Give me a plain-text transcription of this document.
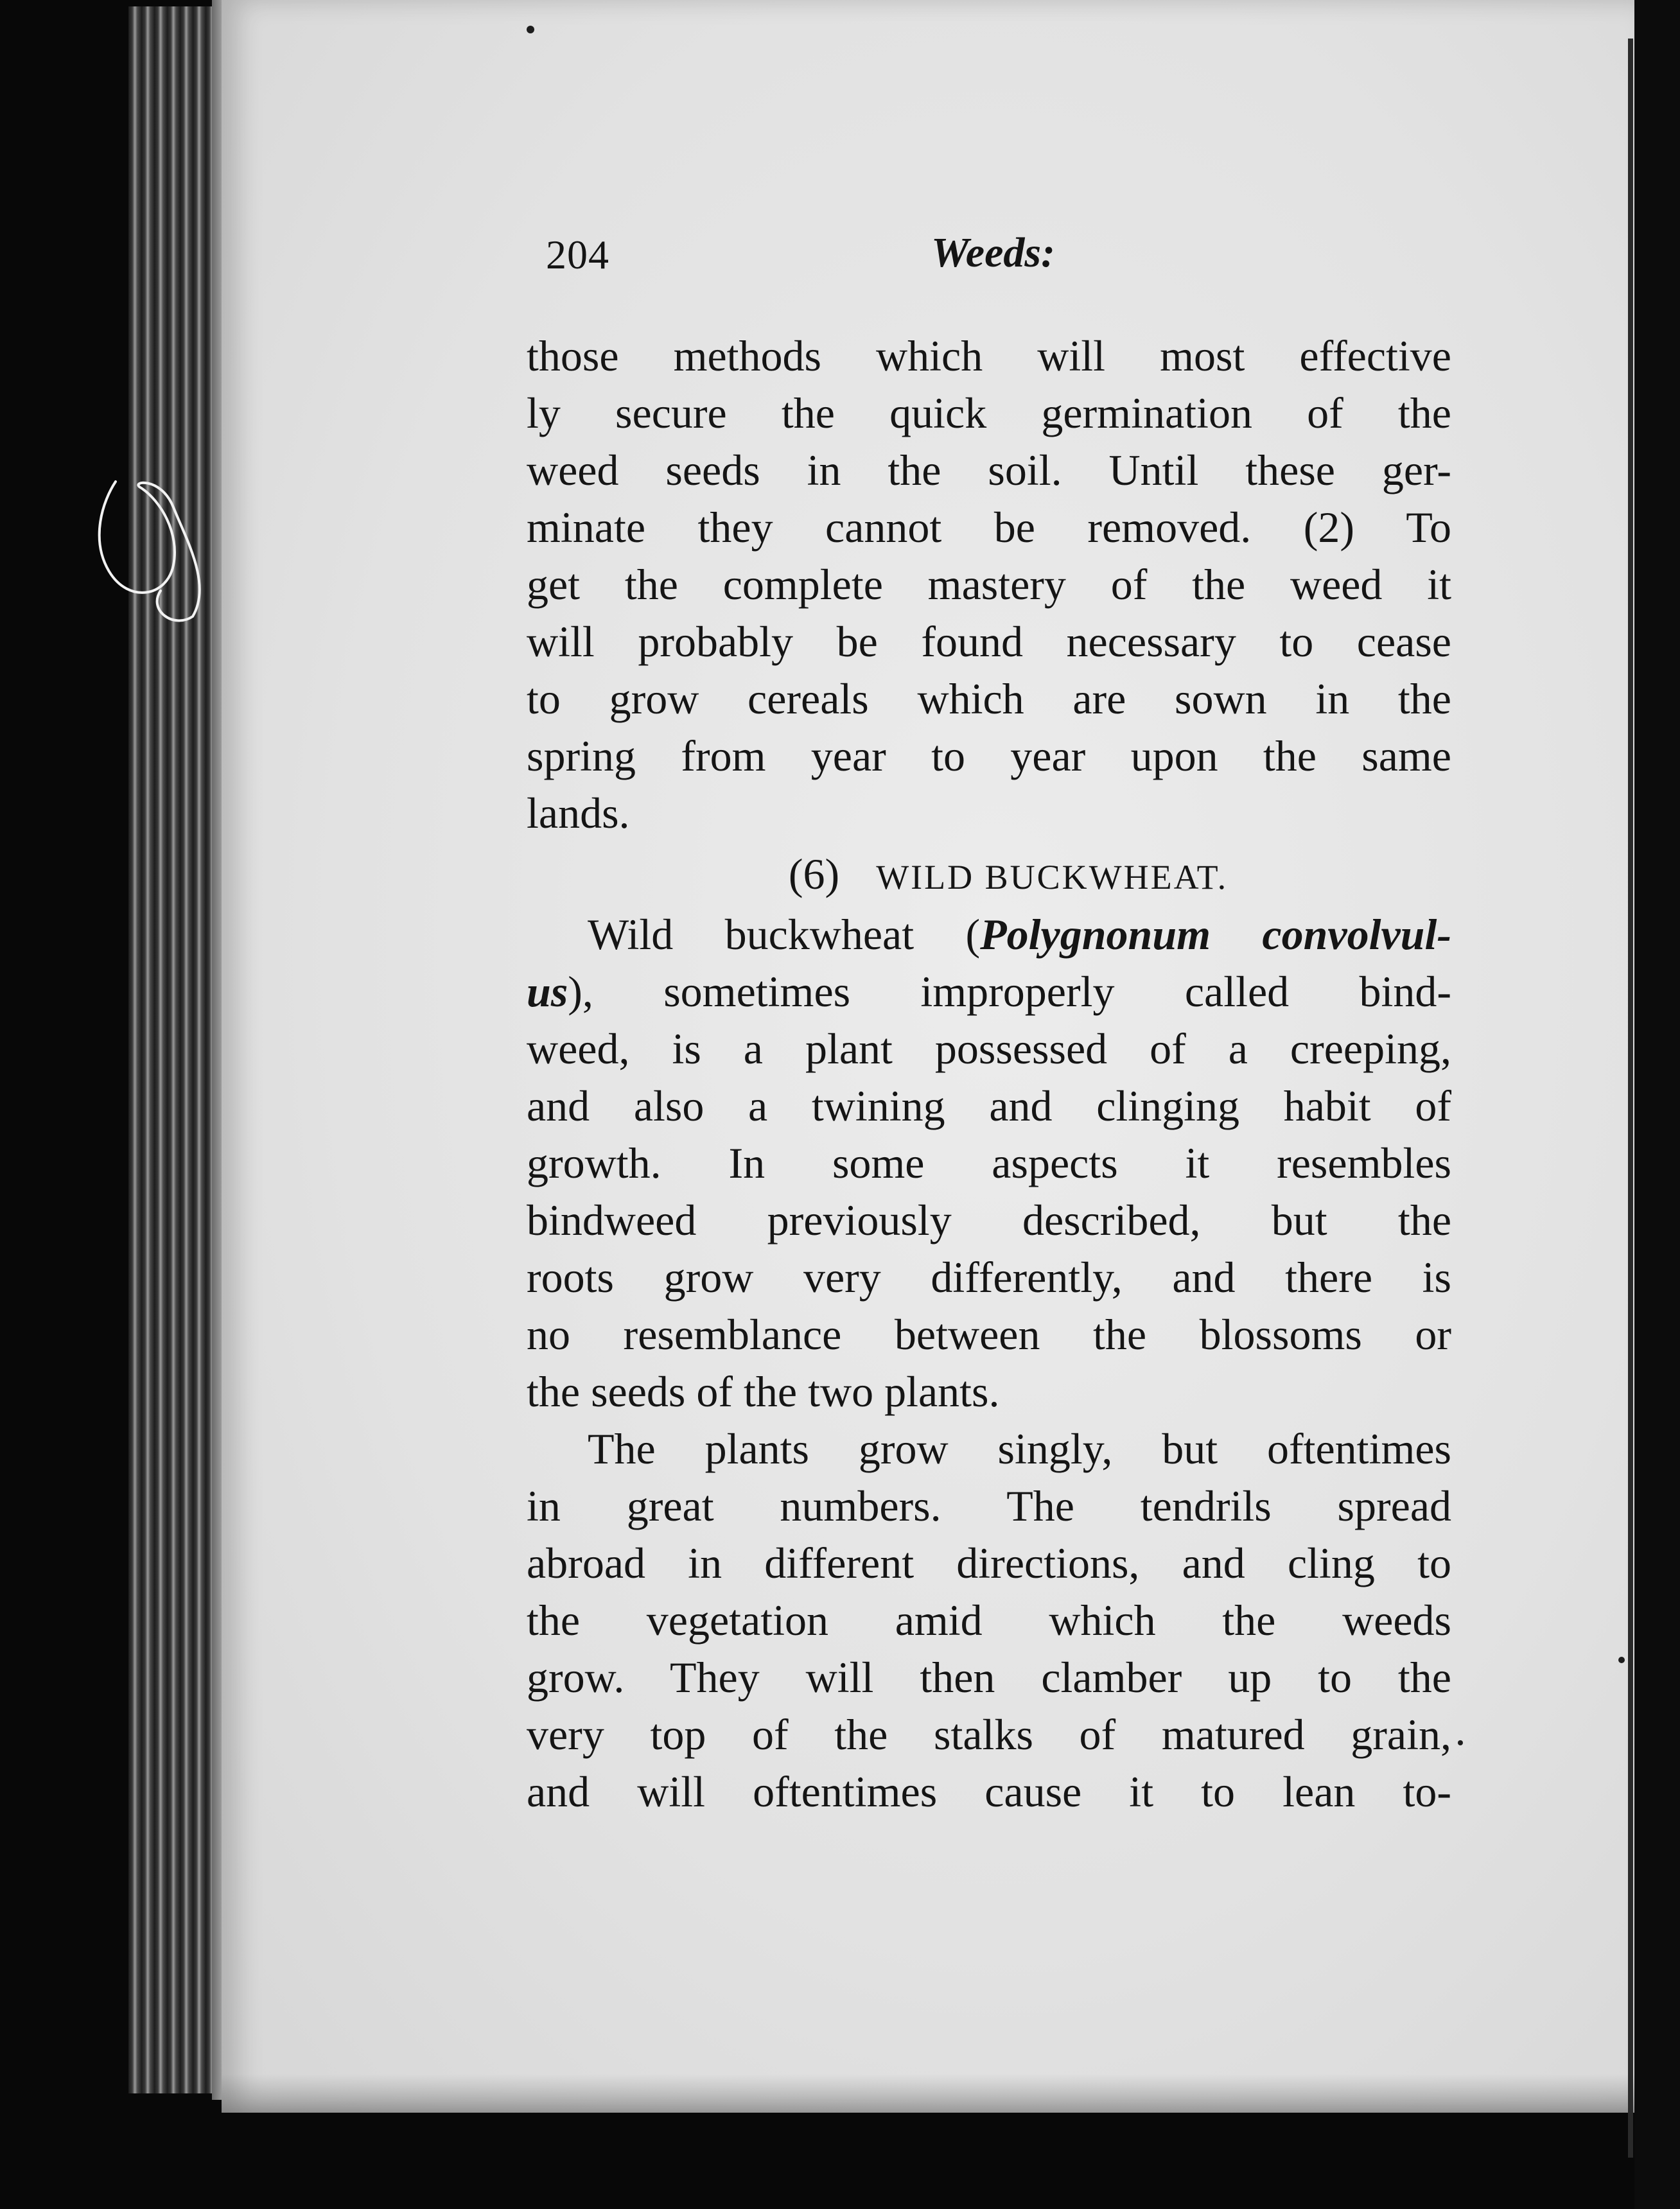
204	Weeds:
those methods which will most effective
ly secure the quick germination of the
weed seeds in the soil. Until these ger-
minate they cannot be removed. (2) To
get the complete mastery of the weed it
will probably be found necessary to cease
to grow cereals which are sown in the
spring from year to year upon the same
lands.
(6) WILD BUCKWHEAT.
Wild buckwheat (Polygnonum convolvul-
us), sometimes improperly called bind-
weed, is a plant possessed of a creeping,
and also a twining and clinging habit of
growth. In some aspects it resembles
bindweed previously described, but the
roots grow very differently, and there is
no resemblance between the blossoms or
the seeds of the two plants.
The plants grow singly, but oftentimes
in great numbers. The tendrils spread
abroad in different directions, and cling to
the vegetation amid which the weeds
grow. They will then clamber up to the
very top of the stalks of matured grain,
and will oftentimes cause it to lean to-
